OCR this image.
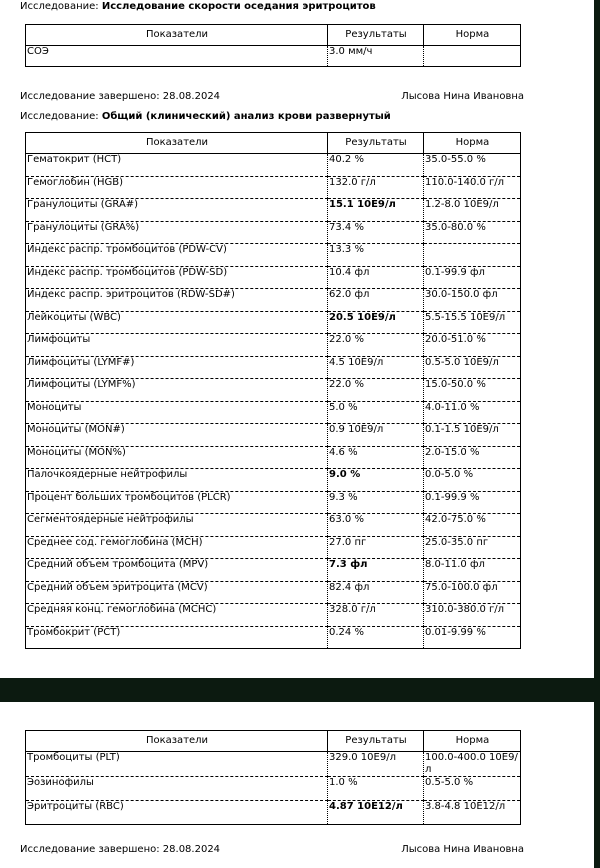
Исследование: Исследование скорости оседания эритроцитов
Показатели	Результаты	Норма
СОЭ	3.0 мм/ч	
Исследование завершено: 28.08.2024	Лысова Нина Ивановна
Исследование: Общий (клинический) анализ крови развернутый
Показатели	Результаты	Норма
Гематокрит (HCT)	40.2 %	35.0-55.0 %
Гемоглобин (HGB)	132.0 г/л	110.0-140.0 г/л
Гранулоциты (GRA#)	15.1 10E9/л	1.2-8.0 10E9/л
Гранулоциты (GRA%)	73.4 %	35.0-80.0 %
Индекс распр. тромбоцитов (PDW-CV)	13.3 %	
Индекс распр. тромбоцитов (PDW-SD)	10.4 фл	0.1-99.9 фл
Индекс распр. эритроцитов (RDW-SD#)	62.0 фл	30.0-150.0 фл
Лейкоциты (WBC)	20.5 10E9/л	5.5-15.5 10E9/л
Лимфоциты	22.0 %	20.0-51.0 %
Лимфоциты (LYMF#)	4.5 10E9/л	0.5-5.0 10E9/л
Лимфоциты (LYMF%)	22.0 %	15.0-50.0 %
Моноциты	5.0 %	4.0-11.0 %
Моноциты (MON#)	0.9 10E9/л	0.1-1.5 10E9/л
Моноциты (MON%)	4.6 %	2.0-15.0 %
Палочкоядерные нейтрофилы	9.0 %	0.0-5.0 %
Процент больших тромбоцитов (PLCR)	9.3 %	0.1-99.9 %
Сегментоядерные нейтрофилы	63.0 %	42.0-75.0 %
Среднее сод. гемоглобина (MCH)	27.0 пг	25.0-35.0 пг
Средний объем тромбоцита (MPV)	7.3 фл	8.0-11.0 фл
Средний объем эритроцита (MCV)	82.4 фл	75.0-100.0 фл
Средняя конц. гемоглобина (MCHC)	328.0 г/л	310.0-380.0 г/л
Тромбокрит (PCT)	0.24 %	0.01-9.99 %
Показатели	Результаты	Норма
Тромбоциты (PLT)	329.0 10E9/л	100.0-400.0 10E9/л
Эозинофилы	1.0 %	0.5-5.0 %
Эритроциты (RBC)	4.87 10E12/л	3.8-4.8 10E12/л
Исследование завершено: 28.08.2024	Лысова Нина Ивановна
